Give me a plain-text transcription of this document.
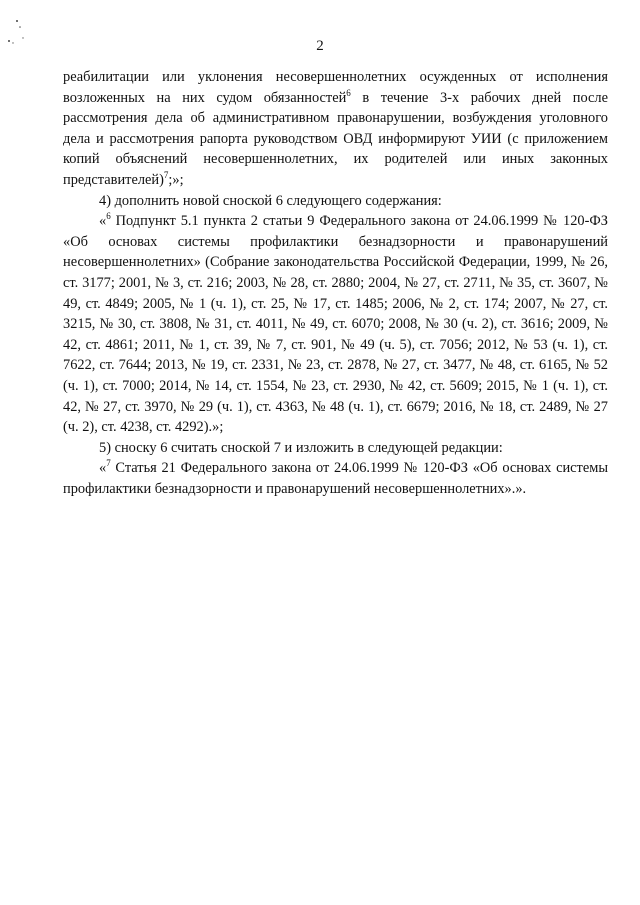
2

реабилитации или уклонения несовершеннолетних осужденных от исполнения возложенных на них судом обязанностей$^6$ в течение 3-х рабочих дней после рассмотрения дела об административном правонарушении, возбуждения уголовного дела и рассмотрения рапорта руководством ОВД информируют УИИ (с приложением копий объяснений несовершеннолетних, их родителей или иных законных представителей)$^7$;»;

4) дополнить новой сноской 6 следующего содержания:

«$^6$ Подпункт 5.1 пункта 2 статьи 9 Федерального закона от 24.06.1999 № 120-ФЗ «Об основах системы профилактики безнадзорности и правонарушений несовершеннолетних» (Собрание законодательства Российской Федерации, 1999, № 26, ст. 3177; 2001, № 3, ст. 216; 2003, № 28, ст. 2880; 2004, № 27, ст. 2711, № 35, ст. 3607, № 49, ст. 4849; 2005, № 1 (ч. 1), ст. 25, № 17, ст. 1485; 2006, № 2, ст. 174; 2007, № 27, ст. 3215, № 30, ст. 3808, № 31, ст. 4011, № 49, ст. 6070; 2008, № 30 (ч. 2), ст. 3616; 2009, № 42, ст. 4861; 2011, № 1, ст. 39, № 7, ст. 901, № 49 (ч. 5), ст. 7056; 2012, № 53 (ч. 1), ст. 7622, ст. 7644; 2013, № 19, ст. 2331, № 23, ст. 2878, № 27, ст. 3477, № 48, ст. 6165, № 52 (ч. 1), ст. 7000; 2014, № 14, ст. 1554, № 23, ст. 2930, № 42, ст. 5609; 2015, № 1 (ч. 1), ст. 42, № 27, ст. 3970, № 29 (ч. 1), ст. 4363, № 48 (ч. 1), ст. 6679; 2016, № 18, ст. 2489, № 27 (ч. 2), ст. 4238, ст. 4292).»;

5) сноску 6 считать сноской 7 и изложить в следующей редакции:

«$^7$ Статья 21 Федерального закона от 24.06.1999 № 120-ФЗ «Об основах системы профилактики безнадзорности и правонарушений несовершеннолетних».».
